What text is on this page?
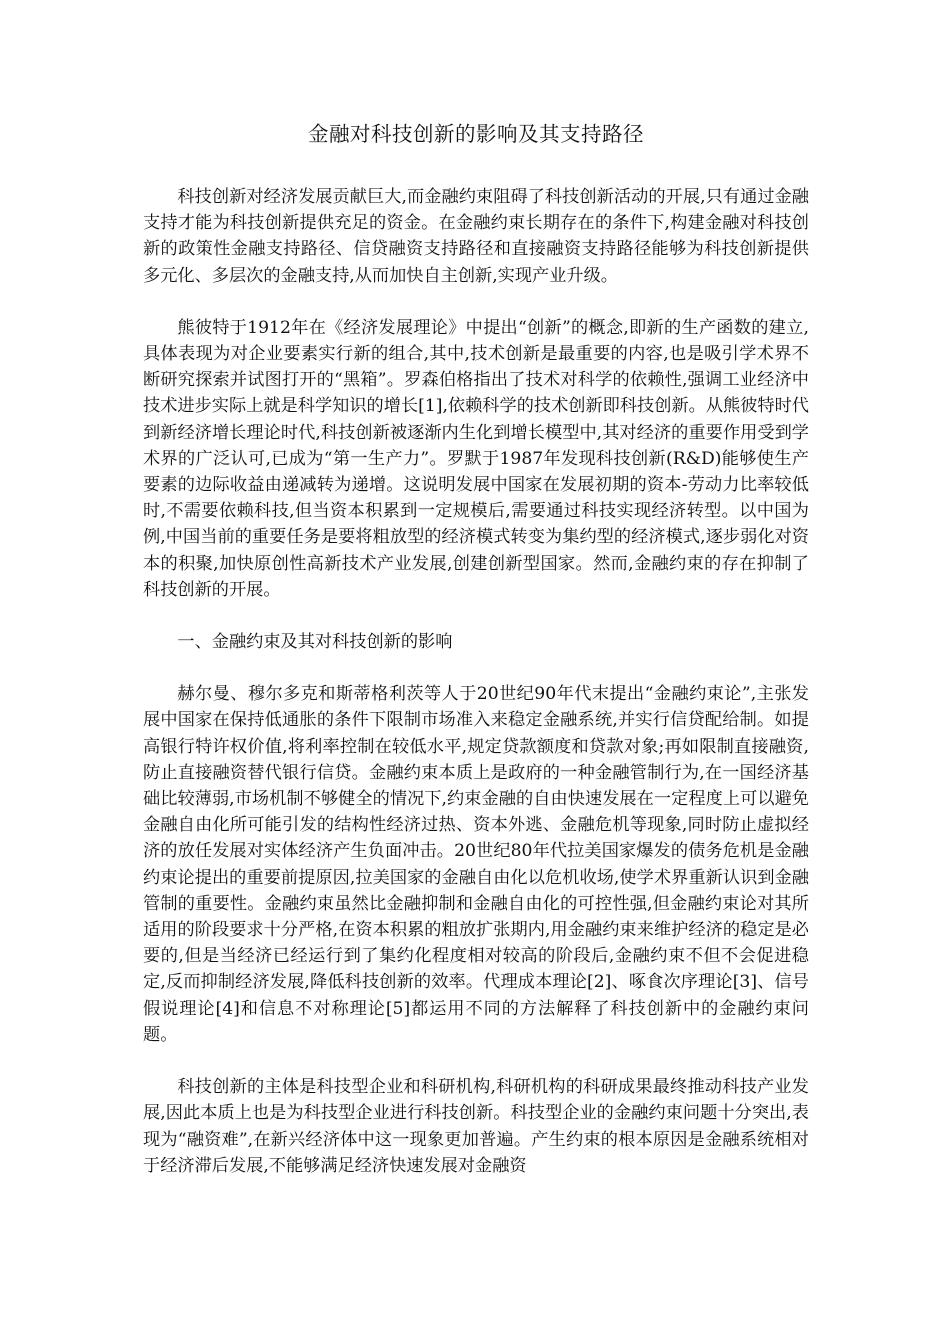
金融对科技创新的影响及其支持路径

科技创新对经济发展贡献巨大,而金融约束阻碍了科技创新活动的开展,只有通过金融支持才能为科技创新提供充足的资金。在金融约束长期存在的条件下,构建金融对科技创新的政策性金融支持路径、信贷融资支持路径和直接融资支持路径能够为科技创新提供多元化、多层次的金融支持,从而加快自主创新,实现产业升级。

熊彼特于1912年在《经济发展理论》中提出“创新”的概念,即新的生产函数的建立,具体表现为对企业要素实行新的组合,其中,技术创新是最重要的内容,也是吸引学术界不断研究探索并试图打开的“黑箱”。罗森伯格指出了技术对科学的依赖性,强调工业经济中技术进步实际上就是科学知识的增长[1],依赖科学的技术创新即科技创新。从熊彼特时代到新经济增长理论时代,科技创新被逐渐内生化到增长模型中,其对经济的重要作用受到学术界的广泛认可,已成为“第一生产力”。罗默于1987年发现科技创新(R&D)能够使生产要素的边际收益由递减转为递增。这说明发展中国家在发展初期的资本-劳动力比率较低时,不需要依赖科技,但当资本积累到一定规模后,需要通过科技实现经济转型。以中国为例,中国当前的重要任务是要将粗放型的经济模式转变为集约型的经济模式,逐步弱化对资本的积聚,加快原创性高新技术产业发展,创建创新型国家。然而,金融约束的存在抑制了科技创新的开展。

一、金融约束及其对科技创新的影响

赫尔曼、穆尔多克和斯蒂格利茨等人于20世纪90年代末提出“金融约束论”,主张发展中国家在保持低通胀的条件下限制市场准入来稳定金融系统,并实行信贷配给制。如提高银行特许权价值,将利率控制在较低水平,规定贷款额度和贷款对象;再如限制直接融资,防止直接融资替代银行信贷。金融约束本质上是政府的一种金融管制行为,在一国经济基础比较薄弱,市场机制不够健全的情况下,约束金融的自由快速发展在一定程度上可以避免金融自由化所可能引发的结构性经济过热、资本外逃、金融危机等现象,同时防止虚拟经济的放任发展对实体经济产生负面冲击。20世纪80年代拉美国家爆发的债务危机是金融约束论提出的重要前提原因,拉美国家的金融自由化以危机收场,使学术界重新认识到金融管制的重要性。金融约束虽然比金融抑制和金融自由化的可控性强,但金融约束论对其所适用的阶段要求十分严格,在资本积累的粗放扩张期内,用金融约束来维护经济的稳定是必要的,但是当经济已经运行到了集约化程度相对较高的阶段后,金融约束不但不会促进稳定,反而抑制经济发展,降低科技创新的效率。代理成本理论[2]、啄食次序理论[3]、信号假说理论[4]和信息不对称理论[5]都运用不同的方法解释了科技创新中的金融约束问题。

科技创新的主体是科技型企业和科研机构,科研机构的科研成果最终推动科技产业发展,因此本质上也是为科技型企业进行科技创新。科技型企业的金融约束问题十分突出,表现为“融资难”,在新兴经济体中这一现象更加普遍。产生约束的根本原因是金融系统相对于经济滞后发展,不能够满足经济快速发展对金融资
